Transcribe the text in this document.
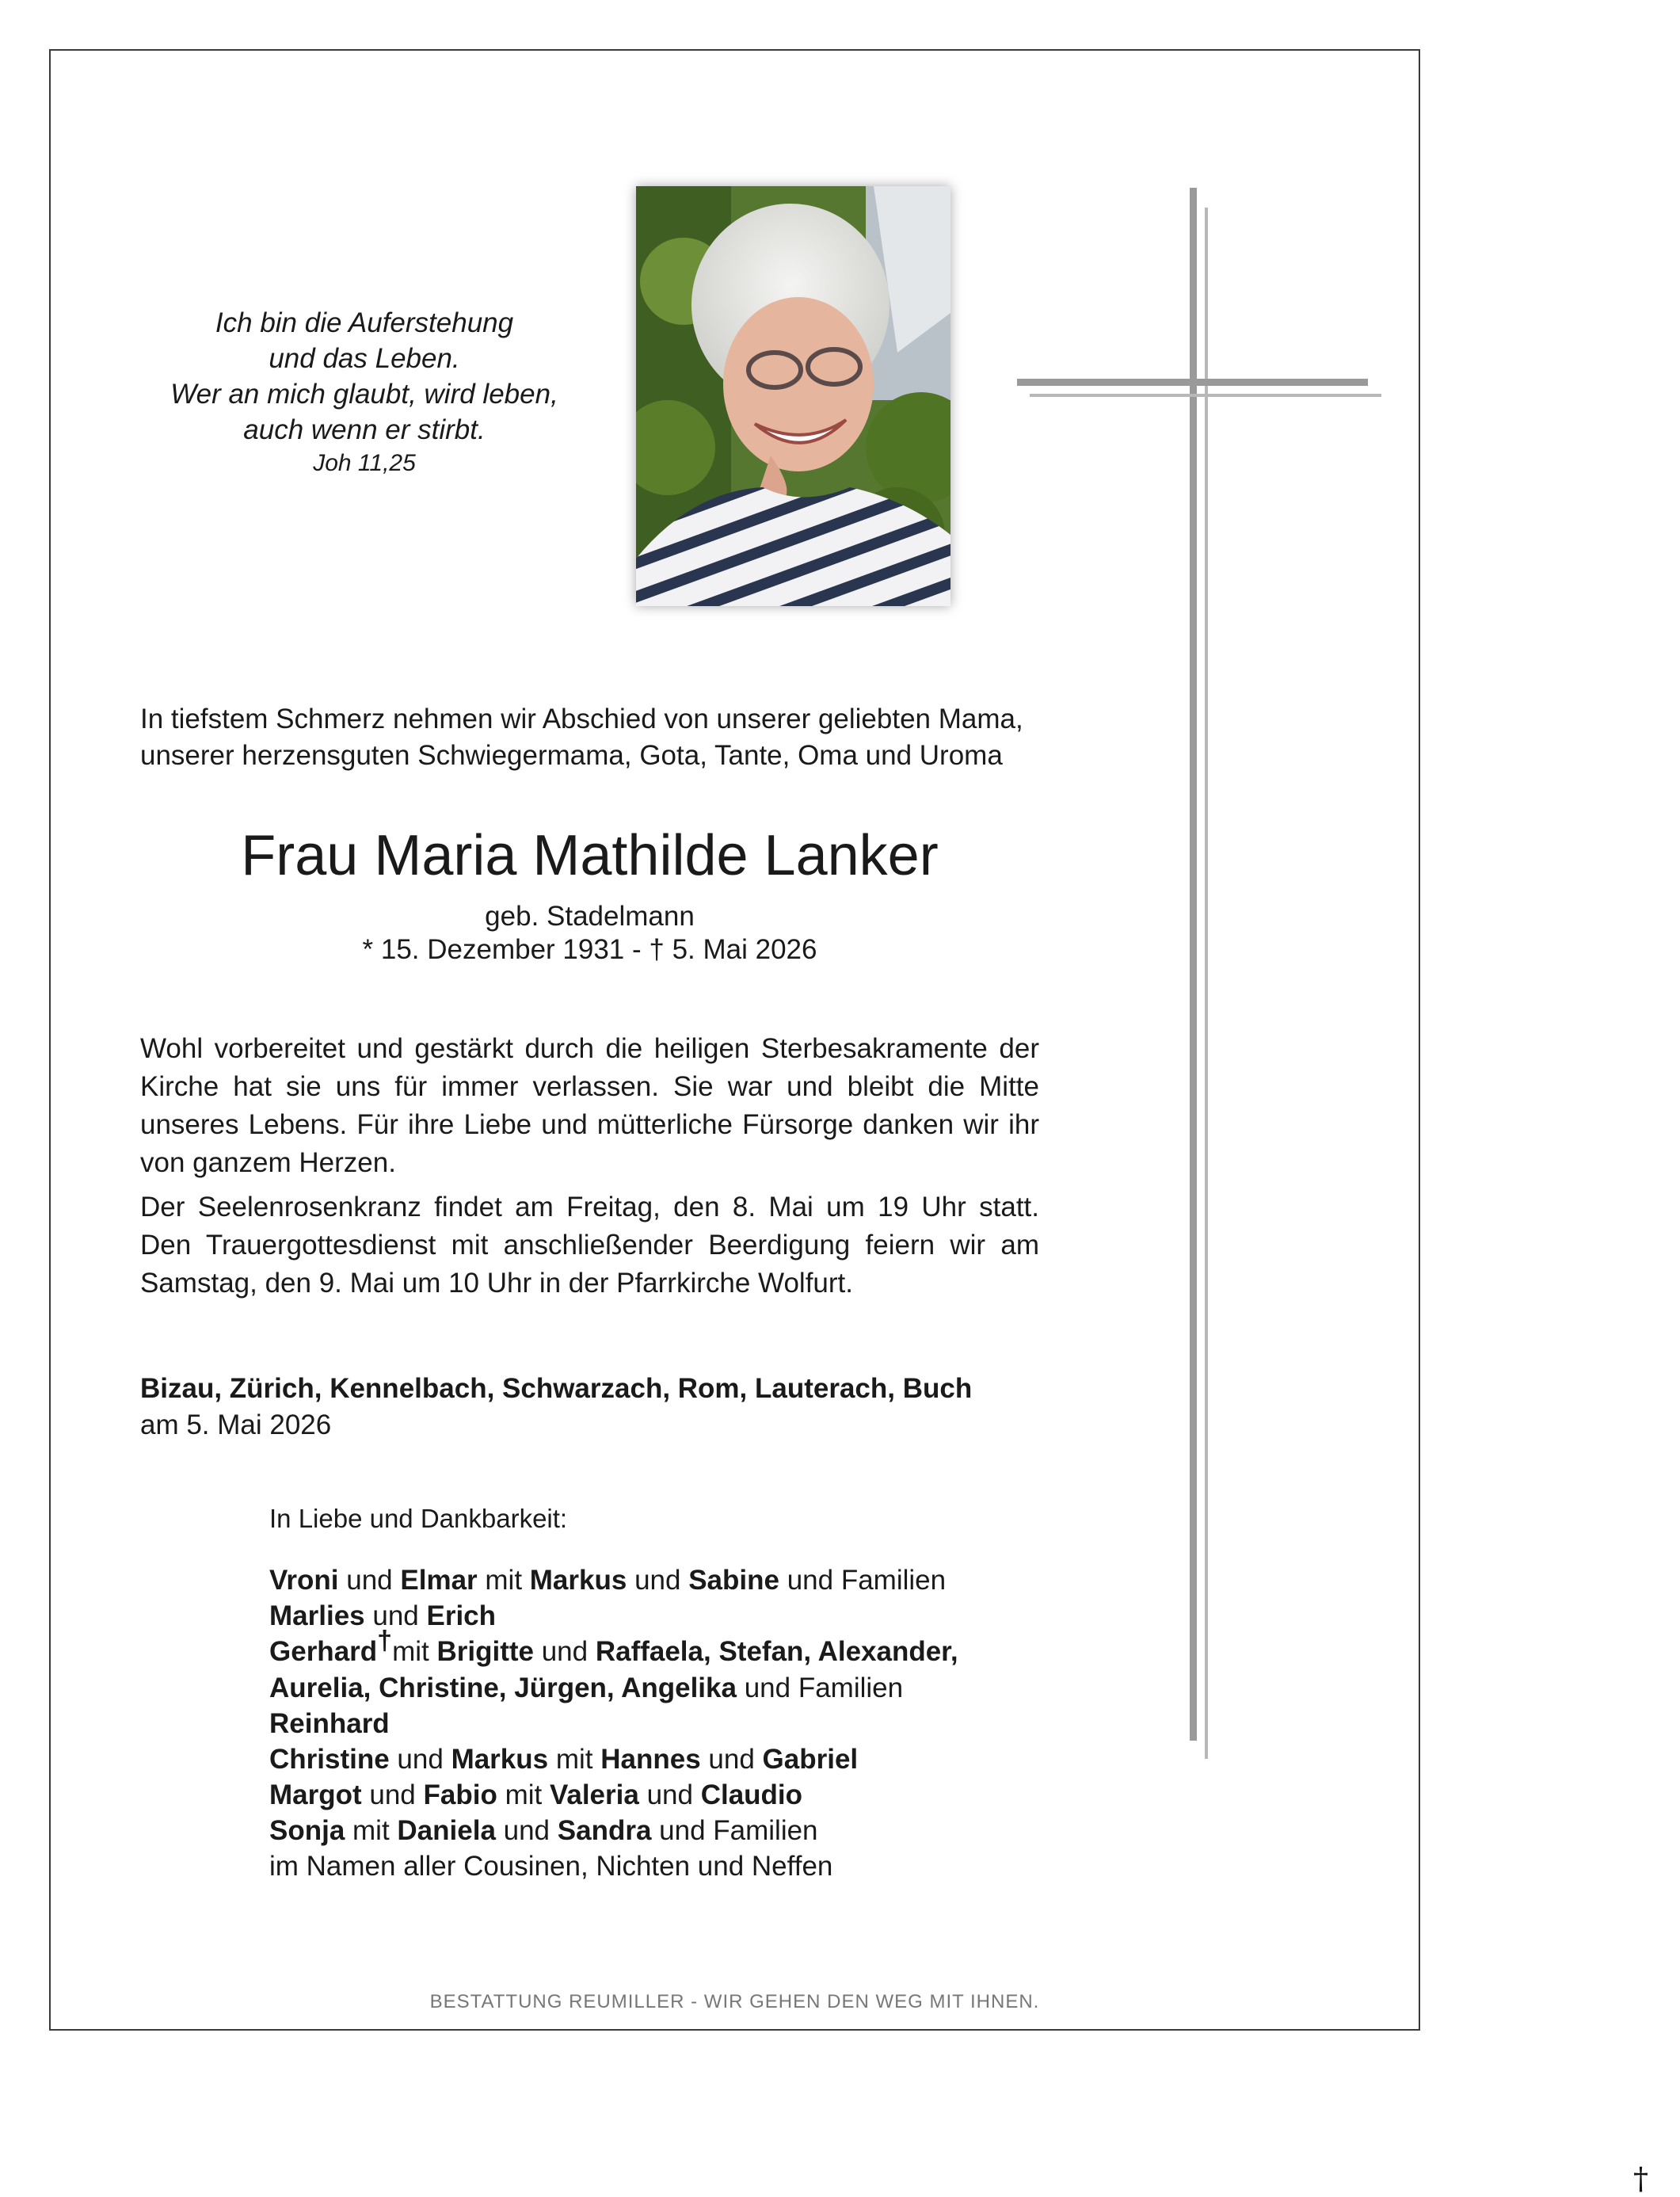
Ich bin die Auferstehung
und das Leben.
Wer an mich glaubt, wird leben,
auch wenn er stirbt.
Joh 11,25
In tiefstem Schmerz nehmen wir Abschied von unserer geliebten Mama,
unserer herzensguten Schwiegermama, Gota, Tante, Oma und Uroma
Frau Maria Mathilde Lanker
geb. Stadelmann
* 15. Dezember 1931 - † 5. Mai 2026
Wohl vorbereitet und gestärkt durch die heiligen Sterbesakramente der Kirche hat sie uns für immer verlassen. Sie war und bleibt die Mitte unseres Lebens. Für ihre Liebe und mütterliche Fürsorge danken wir ihr von ganzem Herzen.
Der Seelenrosenkranz findet am Freitag, den 8. Mai um 19 Uhr statt. Den Trauergottesdienst mit anschließender Beerdigung feiern wir am Samstag, den 9. Mai um 10 Uhr in der Pfarrkirche Wolfurt.
Bizau, Zürich, Kennelbach, Schwarzach, Rom, Lauterach, Buch
am 5. Mai 2026
In Liebe und Dankbarkeit:
Vroni und Elmar mit Markus und Sabine und Familien
Marlies und Erich
Gerhard†mit Brigitte und Raffaela, Stefan, Alexander,
Aurelia, Christine, Jürgen, Angelika und Familien
Reinhard
Christine und Markus mit Hannes und Gabriel
Margot und Fabio mit Valeria und Claudio
Sonja mit Daniela und Sandra und Familien
im Namen aller Cousinen, Nichten und Neffen
BESTATTUNG REUMILLER - WIR GEHEN DEN WEG MIT IHNEN.
†
